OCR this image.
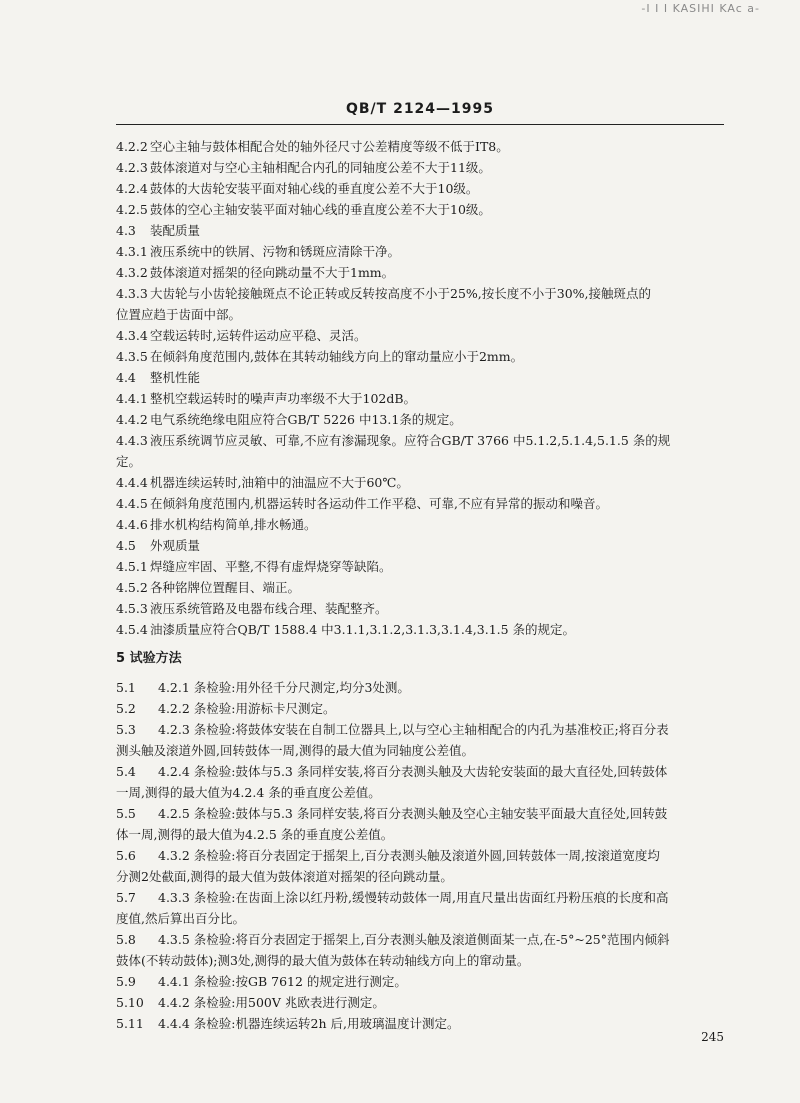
-I I I KASIHI KAc a-
QB/T 2124—1995
4.2.2 空心主轴与鼓体相配合处的轴外径尺寸公差精度等级不低于IT8。
4.2.3 鼓体滚道对与空心主轴相配合内孔的同轴度公差不大于11级。
4.2.4 鼓体的大齿轮安装平面对轴心线的垂直度公差不大于10级。
4.2.5 鼓体的空心主轴安装平面对轴心线的垂直度公差不大于10级。
4.3 装配质量
4.3.1 液压系统中的铁屑、污物和锈斑应清除干净。
4.3.2 鼓体滚道对摇架的径向跳动量不大于1mm。
4.3.3 大齿轮与小齿轮接触斑点不论正转或反转按高度不小于25%,按长度不小于30%,接触斑点的
位置应趋于齿面中部。
4.3.4 空载运转时,运转件运动应平稳、灵活。
4.3.5 在倾斜角度范围内,鼓体在其转动轴线方向上的窜动量应小于2mm。
4.4 整机性能
4.4.1 整机空载运转时的噪声声功率级不大于102dB。
4.4.2 电气系统绝缘电阻应符合GB/T 5226 中13.1条的规定。
4.4.3 液压系统调节应灵敏、可靠,不应有渗漏现象。应符合GB/T 3766 中5.1.2,5.1.4,5.1.5 条的规
定。
4.4.4 机器连续运转时,油箱中的油温应不大于60℃。
4.4.5 在倾斜角度范围内,机器运转时各运动件工作平稳、可靠,不应有异常的振动和噪音。
4.4.6 排水机构结构简单,排水畅通。
4.5 外观质量
4.5.1 焊缝应牢固、平整,不得有虚焊烧穿等缺陷。
4.5.2 各种铭牌位置醒目、端正。
4.5.3 液压系统管路及电器布线合理、装配整齐。
4.5.4 油漆质量应符合QB/T 1588.4 中3.1.1,3.1.2,3.1.3,3.1.4,3.1.5 条的规定。
5 试验方法
5.1 4.2.1 条检验:用外径千分尺测定,均分3处测。
5.2 4.2.2 条检验:用游标卡尺测定。
5.3 4.2.3 条检验:将鼓体安装在自制工位器具上,以与空心主轴相配合的内孔为基准校正;将百分表
测头触及滚道外圆,回转鼓体一周,测得的最大值为同轴度公差值。
5.4 4.2.4 条检验:鼓体与5.3 条同样安装,将百分表测头触及大齿轮安装面的最大直径处,回转鼓体
一周,测得的最大值为4.2.4 条的垂直度公差值。
5.5 4.2.5 条检验:鼓体与5.3 条同样安装,将百分表测头触及空心主轴安装平面最大直径处,回转鼓
体一周,测得的最大值为4.2.5 条的垂直度公差值。
5.6 4.3.2 条检验:将百分表固定于摇架上,百分表测头触及滚道外圆,回转鼓体一周,按滚道宽度均
分测2处截面,测得的最大值为鼓体滚道对摇架的径向跳动量。
5.7 4.3.3 条检验:在齿面上涂以红丹粉,缓慢转动鼓体一周,用直尺量出齿面红丹粉压痕的长度和高
度值,然后算出百分比。
5.8 4.3.5 条检验:将百分表固定于摇架上,百分表测头触及滚道侧面某一点,在-5°~25°范围内倾斜
鼓体(不转动鼓体);测3处,测得的最大值为鼓体在转动轴线方向上的窜动量。
5.9 4.4.1 条检验:按GB 7612 的规定进行测定。
5.10 4.4.2 条检验:用500V 兆欧表进行测定。
5.11 4.4.4 条检验:机器连续运转2h 后,用玻璃温度计测定。
245
